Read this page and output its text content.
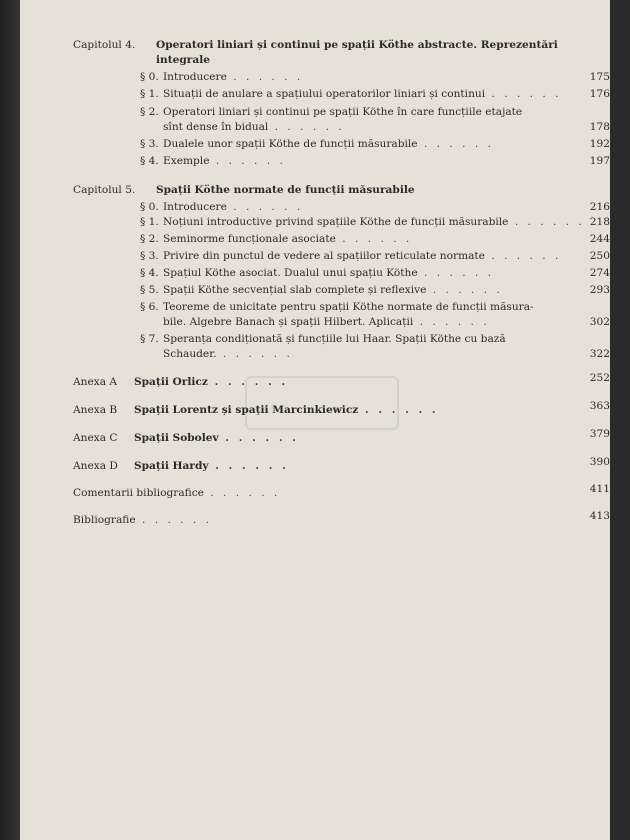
Capitolul 4. Operatori liniari și continui pe spații Köthe abstracte. Reprezentări
integrale
§ 0. Introducere . . . . . .	175
§ 1. Situații de anulare a spațiului operatorilor liniari și continui . . . . . .	176
§ 2. Operatori liniari și continui pe spații Köthe în care funcțiile etajate
sînt dense în bidual . . . . . .	178
§ 3. Dualele unor spații Köthe de funcții măsurabile . . . . . .	192
§ 4. Exemple . . . . . .	197
Capitolul 5. Spații Köthe normate de funcții măsurabile
§ 0. Introducere . . . . . .	216
§ 1. Noțiuni introductive privind spațiile Köthe de funcții măsurabile . . . . . . 218
§ 2. Seminorme funcționale asociate . . . . . .	244
§ 3. Privire din punctul de vedere al spațiilor reticulate normate . . . . . .	250
§ 4. Spațiul Köthe asociat. Dualul unui spațiu Köthe . . . . . .	274
§ 5. Spații Köthe secvențial slab complete și reflexive . . . . . .	293
§ 6. Teoreme de unicitate pentru spații Köthe normate de funcții măsura-
bile. Algebre Banach și spații Hilbert. Aplicații . . . . . .	302
§ 7. Speranța condiționată și funcțiile lui Haar. Spații Köthe cu bază
Schauder. . . . . . .	322
Anexa A Spații Orlicz . . . . . .	252
Anexa B Spații Lorentz și spații Marcinkiewicz . . . . . .	363
Anexa C Spații Sobolev . . . . . .	379
Anexa D Spații Hardy . . . . . .	390
Comentarii bibliografice . . . . . .	411
Bibliografie . . . . . .	413
